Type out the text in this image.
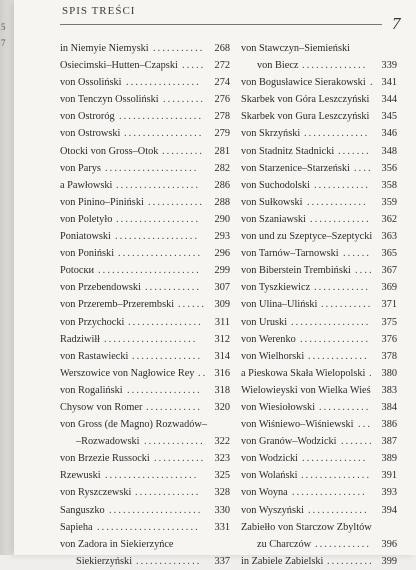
5
7
SPIS TREŚCI
7
in Niemyie Niemyski	268
...........
Osiecimski–Hutten–Czapski	272
.....
von Ossoliński	274
................
von Tenczyn Ossoliński	276
.........
von Ostroróg	278
..................
von Ostrowski	279
.................
Otocki von Gross–Otok	281
.........
von Parys	282
....................
a Pawłowski	286
..................
von Pinino–Piniński	288
............
von Poletyło	290
..................
Poniatowski	293
..................
von Poniński	296
..................
Potocки	299
......................
von Przebendowski	307
............
von Przeremb–Przerembski	309
......
von Przychocki	311
................
Radziwiłł	312
....................
von Rastawiecki	314
...............
Werszowice von Nagłowice Rey 316
..
von Rogaliński	318
................
Chysow von Romer	320
............
von Gross (de Magno) Rozwadów–
–Rozwadowski	322
.............
von Brzezie Russocki	323
...........
Rzewuski	325
....................
von Ryszczewski	328
..............
Sanguszko	330
....................
Sapieha	331
......................
von Zadora in Siekierzyńce
Siekierzyński	337
..............
von Stawczyn–Siemieński
von Biecz	339
..............
von Bogusławice Sierakowski 341
.
Skarbek von Góra Leszczyński 344
Skarbek von Gura Leszczyński 345
von Skrzyński	346
..............
von Stadnitz Stadnicki	348
.......
von Starzenice–Starzeński	356
....
von Suchodolski	358
............
von Sułkowski	359
.............
von Szaniawski	362
.............
von und zu Szeptyce–Szeptycki 363
von Tarnów–Tarnowski	365
......
von Biberstein Trembiński	367
....
von Tyszkiewicz	369
............
von Ulina–Uliński	371
...........
von Uruski	375
.................
von Werenko	376
...............
von Wielhorski	378
.............
a Pieskowa Skała Wielopolski 380
.
Wielowieyski von Wielka Wieś 383
von Wiesiołowski	384
...........
von Wiśniewo–Wiśniewski	386
...
von Granów–Wodzicki	387
.......
von Wodzicki	389
..............
von Wolański	391
...............
von Woyna	393
................
von Wyszyński	394
.............
Zabiełło von Starczow Zbyltów
zu Charczów	396
............
in Zabiele Zabielski	399
..........
